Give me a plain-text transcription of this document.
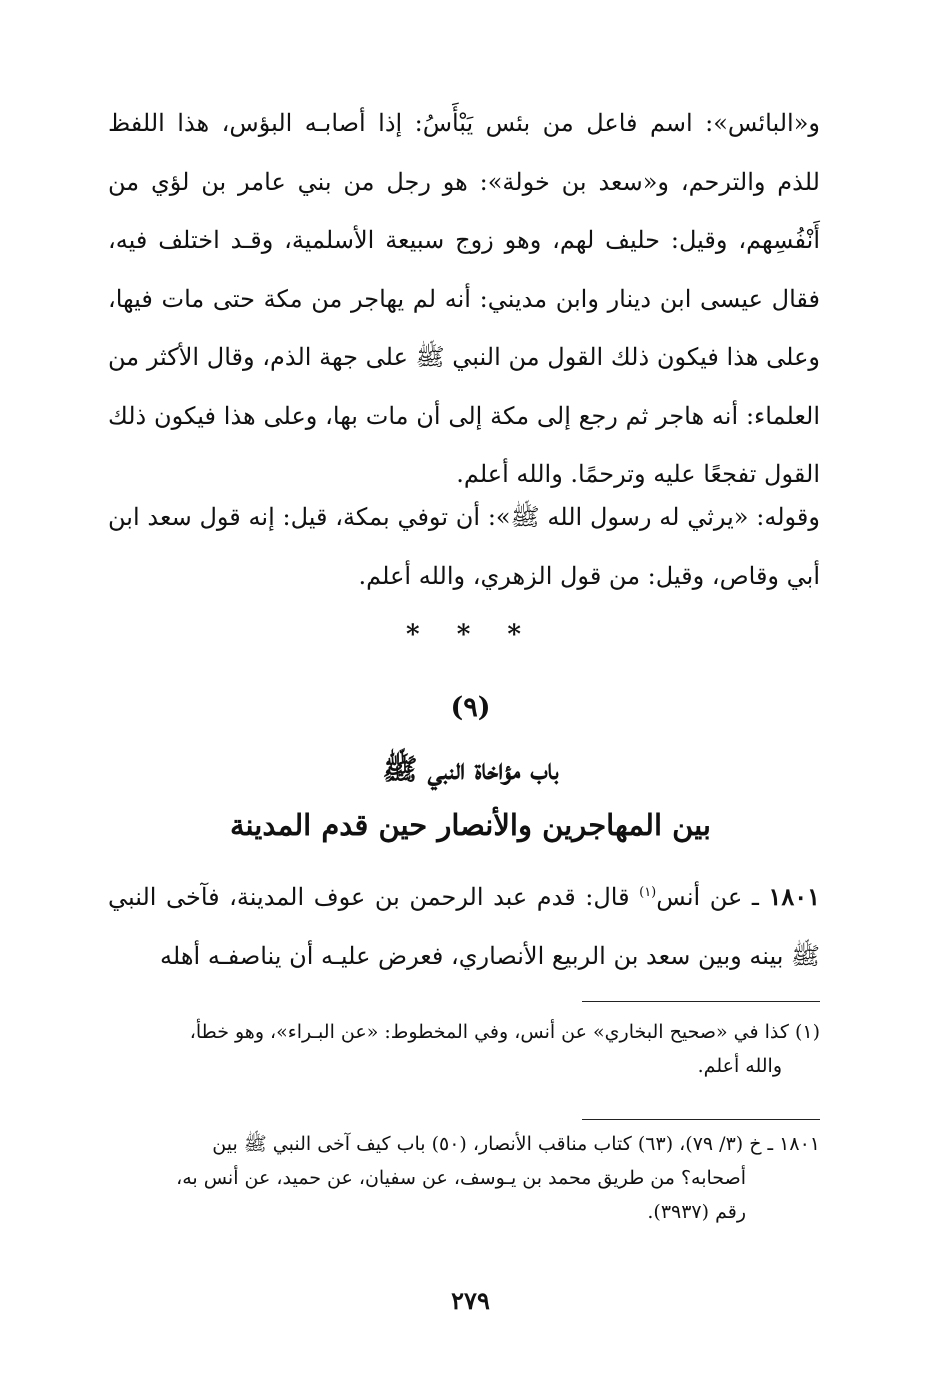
و«البائس»: اسم فاعل من بئس يَبْأَسُ: إذا أصابـه البؤس، هذا اللفظ للذم والترحم، و«سعد بن خولة»: هو رجل من بني عامر بن لؤي من أَنْفُسِهم، وقيل: حليف لهم، وهو زوج سبيعة الأسلمية، وقـد اختلف فيه، فقال عيسى ابن دينار وابن مديني: أنه لم يهاجر من مكة حتى مات فيها، وعلى هذا فيكون ذلك القول من النبي ﷺ على جهة الذم، وقال الأكثر من العلماء: أنه هاجر ثم رجع إلى مكة إلى أن مات بها، وعلى هذا فيكون ذلك القول تفجعًا عليه وترحمًا. والله أعلم.

وقوله: «يرثي له رسول الله ﷺ»: أن توفي بمكة، قيل: إنه قول سعد ابن أبي وقاص، وقيل: من قول الزهري، والله أعلم.

* * *
(٩)
باب مؤاخاة النبي ﷺ
بين المهاجرين والأنصار حين قدم المدينة

١٨٠١ ـ عن أنس$^{(١)}$ قال: قدم عبد الرحمن بن عوف المدينة، فآخى النبي ﷺ بينه وبين سعد بن الربيع الأنصاري، فعرض عليـه أن يناصفـه أهله

(١) كذا في «صحيح البخاري» عن أنس، وفي المخطوط: «عن البـراء»، وهو خطأ،
والله أعلم.
١٨٠١ ـ خ (٣/ ٧٩)، (٦٣) كتاب مناقب الأنصار، (٥٠) باب كيف آخى النبي ﷺ بين
أصحابه؟ من طريق محمد بن يـوسف، عن سفيان، عن حميد، عن أنس به،
رقم (٣٩٣٧).
٢٧٩
